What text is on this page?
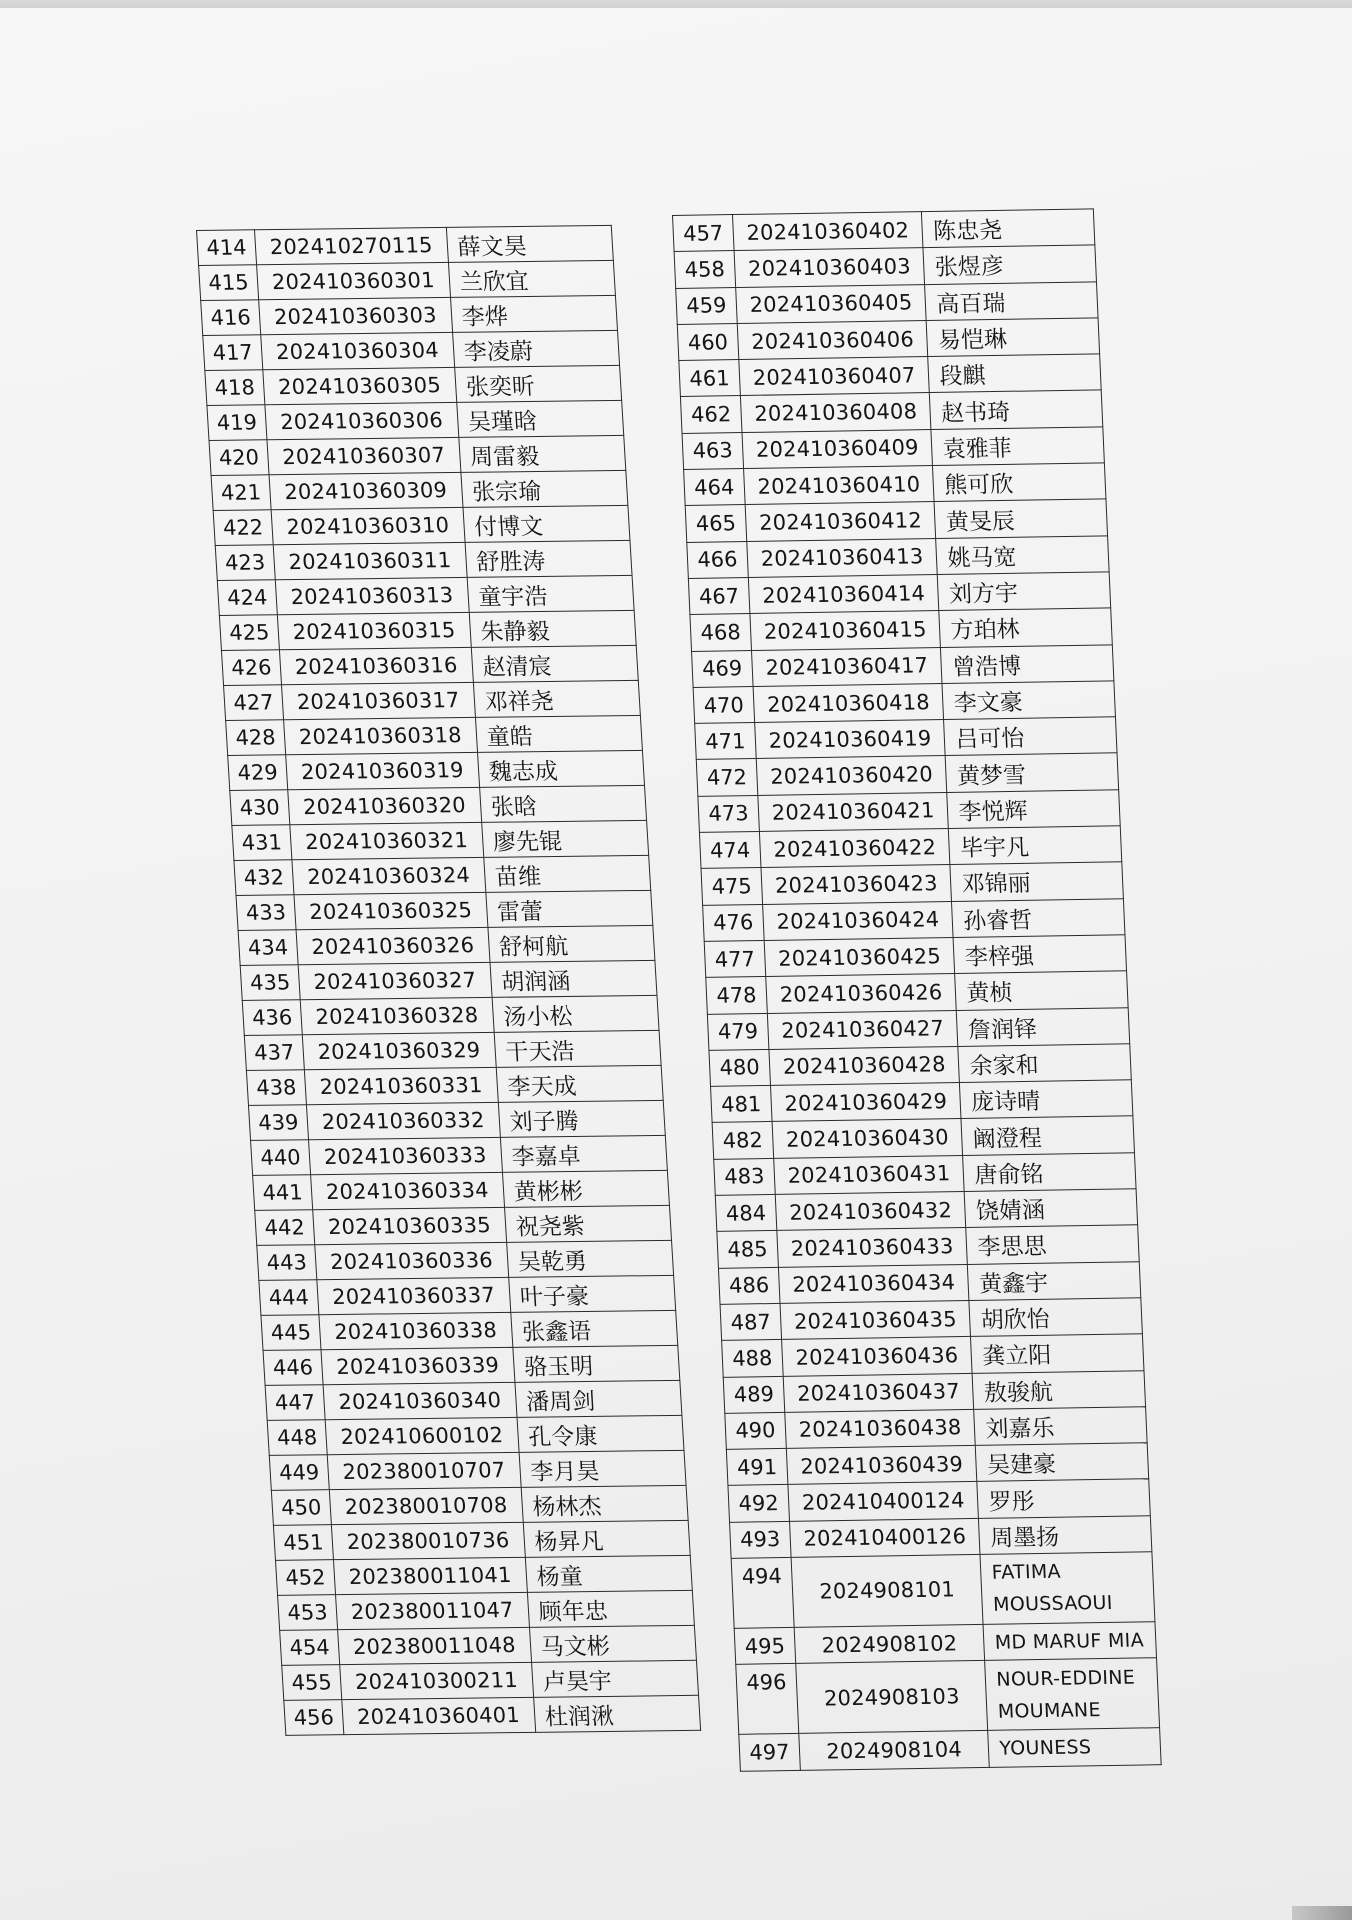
414	202410270115	薛文昊
415	202410360301	兰欣宜
416	202410360303	李烨
417	202410360304	李凌蔚
418	202410360305	张奕昕
419	202410360306	吴瑾晗
420	202410360307	周雷毅
421	202410360309	张宗瑜
422	202410360310	付博文
423	202410360311	舒胜涛
424	202410360313	童宇浩
425	202410360315	朱静毅
426	202410360316	赵清宸
427	202410360317	邓祥尧
428	202410360318	童皓
429	202410360319	魏志成
430	202410360320	张晗
431	202410360321	廖先锟
432	202410360324	苗维
433	202410360325	雷蕾
434	202410360326	舒柯航
435	202410360327	胡润涵
436	202410360328	汤小松
437	202410360329	干天浩
438	202410360331	李天成
439	202410360332	刘子腾
440	202410360333	李嘉卓
441	202410360334	黄彬彬
442	202410360335	祝尧紫
443	202410360336	吴乾勇
444	202410360337	叶子豪
445	202410360338	张鑫语
446	202410360339	骆玉明
447	202410360340	潘周剑
448	202410600102	孔令康
449	202380010707	李月昊
450	202380010708	杨林杰
451	202380010736	杨昇凡
452	202380011041	杨童
453	202380011047	顾年忠
454	202380011048	马文彬
455	202410300211	卢昊宇
456	202410360401	杜润湫
457	202410360402	陈忠尧
458	202410360403	张煜彦
459	202410360405	高百瑞
460	202410360406	易恺琳
461	202410360407	段麒
462	202410360408	赵书琦
463	202410360409	袁雅菲
464	202410360410	熊可欣
465	202410360412	黄旻辰
466	202410360413	姚马宽
467	202410360414	刘方宇
468	202410360415	方珀林
469	202410360417	曾浩博
470	202410360418	李文豪
471	202410360419	吕可怡
472	202410360420	黄梦雪
473	202410360421	李悦辉
474	202410360422	毕宇凡
475	202410360423	邓锦丽
476	202410360424	孙睿哲
477	202410360425	李梓强
478	202410360426	黄桢
479	202410360427	詹润铎
480	202410360428	余家和
481	202410360429	庞诗晴
482	202410360430	阚澄程
483	202410360431	唐俞铭
484	202410360432	饶婧涵
485	202410360433	李思思
486	202410360434	黄鑫宇
487	202410360435	胡欣怡
488	202410360436	龚立阳
489	202410360437	敖骏航
490	202410360438	刘嘉乐
491	202410360439	吴建豪
492	202410400124	罗彤
493	202410400126	周墨扬
494	2024908101	FATIMA MOUSSAOUI
495	2024908102	MD MARUF MIA
496	2024908103	NOUR-EDDINE MOUMANE
497	2024908104	YOUNESS
